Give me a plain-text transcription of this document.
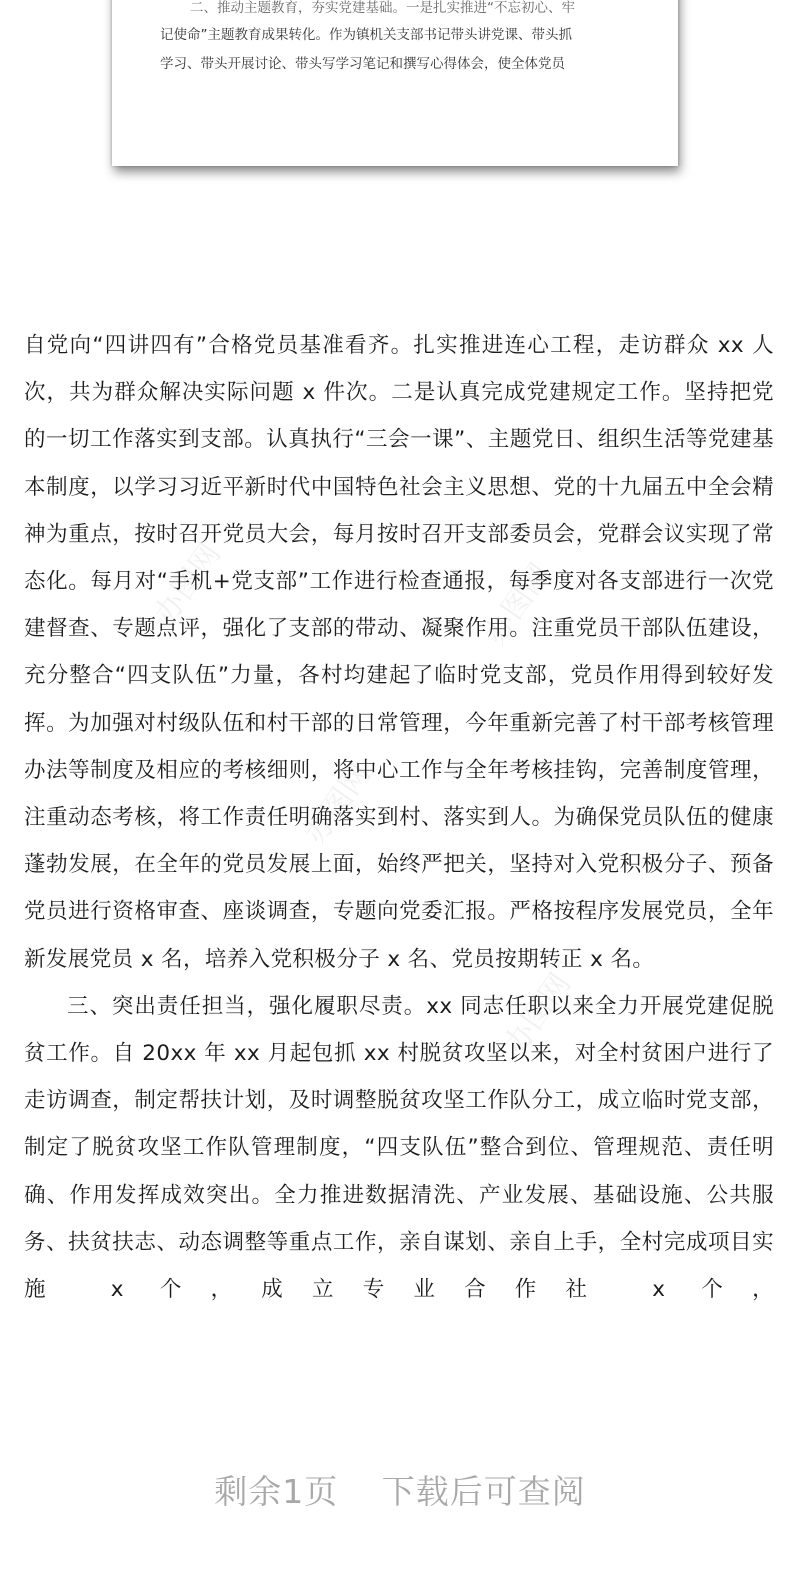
二、推动主题教育，夯实党建基础。一是扎实推进“不忘初心、牢
记使命”主题教育成果转化。作为镇机关支部书记带头讲党课、带头抓
学习、带头开展讨论、带头写学习笔记和撰写心得体会，使全体党员
办图网	办图网
办图网
办图网

自党向“四讲四有”合格党员基准看齐。扎实推进连心工程，走访群众 xx 人次，共为群众解决实际问题 x 件次。二是认真完成党建规定工作。坚持把党的一切工作落实到支部。认真执行“三会一课”、主题党日、组织生活等党建基本制度，以学习习近平新时代中国特色社会主义思想、党的十九届五中全会精神为重点，按时召开党员大会，每月按时召开支部委员会，党群会议实现了常态化。每月对“手机+党支部”工作进行检查通报，每季度对各支部进行一次党建督查、专题点评，强化了支部的带动、凝聚作用。注重党员干部队伍建设，充分整合“四支队伍”力量，各村均建起了临时党支部，党员作用得到较好发挥。为加强对村级队伍和村干部的日常管理，今年重新完善了村干部考核管理办法等制度及相应的考核细则，将中心工作与全年考核挂钩，完善制度管理，注重动态考核，将工作责任明确落实到村、落实到人。为确保党员队伍的健康蓬勃发展，在全年的党员发展上面，始终严把关，坚持对入党积极分子、预备党员进行资格审查、座谈调查，专题向党委汇报。严格按程序发展党员，全年新发展党员 x 名，培养入党积极分子 x 名、党员按期转正 x 名。

三、突出责任担当，强化履职尽责。xx 同志任职以来全力开展党建促脱贫工作。自 20xx 年 xx 月起包抓 xx 村脱贫攻坚以来，对全村贫困户进行了走访调查，制定帮扶计划，及时调整脱贫攻坚工作队分工，成立临时党支部，制定了脱贫攻坚工作队管理制度，“四支队伍”整合到位、管理规范、责任明确、作用发挥成效突出。全力推进数据清洗、产业发展、基础设施、公共服务、扶贫扶志、动态调整等重点工作，亲自谋划、亲自上手，全村完成项目实施 x 个，成立专业合作社 x 个，

剩余1页 下载后可查阅
